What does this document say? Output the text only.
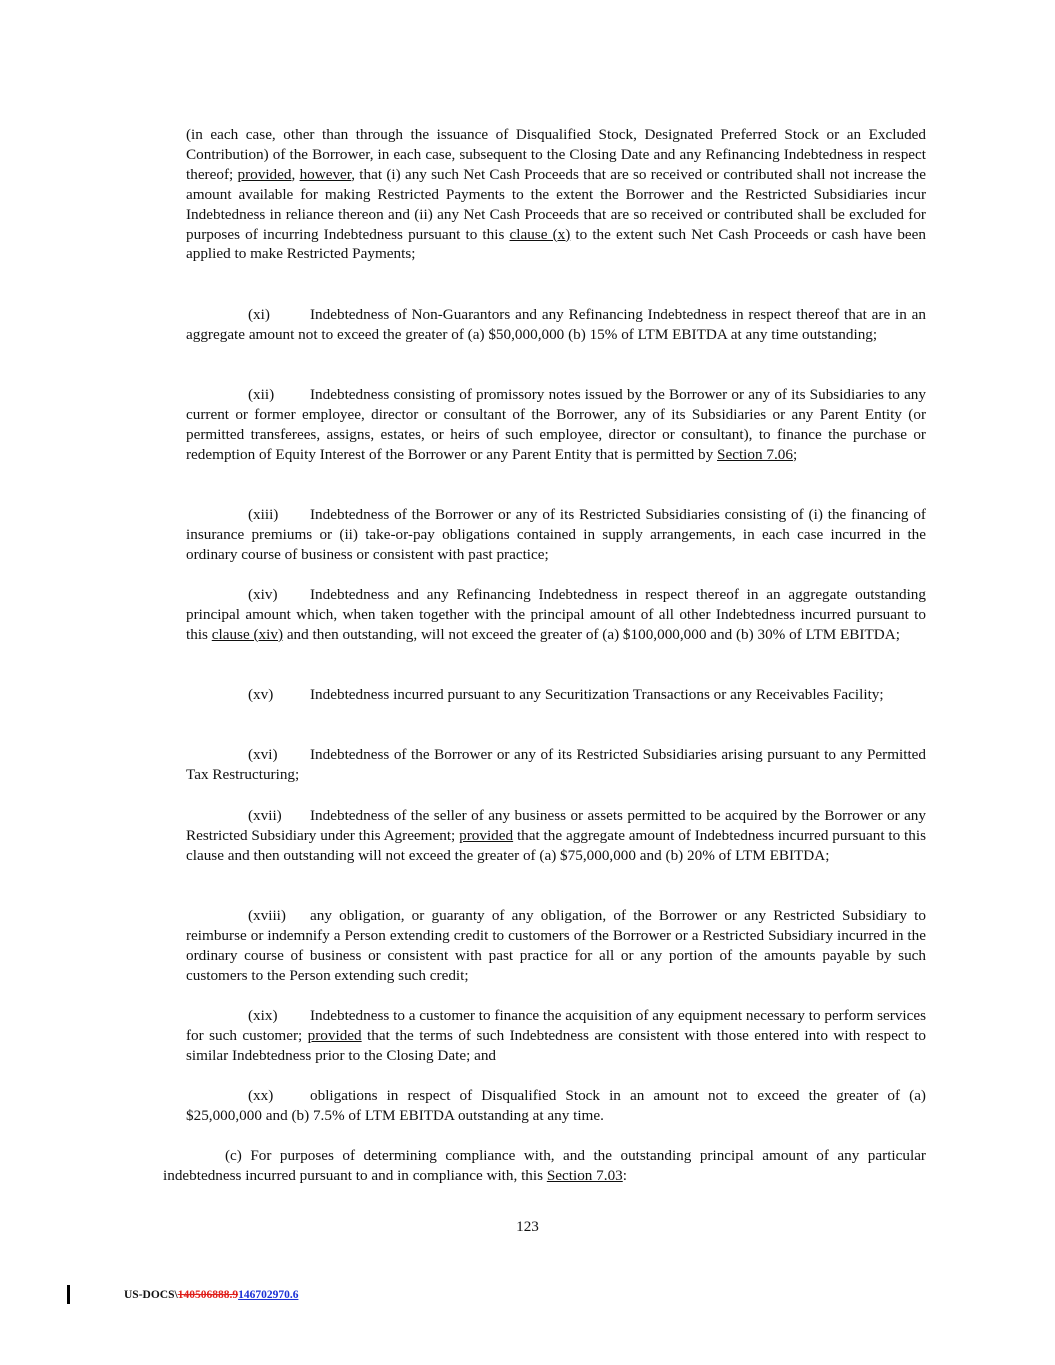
(in each case, other than through the issuance of Disqualified Stock, Designated Preferred Stock or an Excluded Contribution) of the Borrower, in each case, subsequent to the Closing Date and any Refinancing Indebtedness in respect thereof; provided, however, that (i) any such Net Cash Proceeds that are so received or contributed shall not increase the amount available for making Restricted Payments to the extent the Borrower and the Restricted Subsidiaries incur Indebtedness in reliance thereon and (ii) any Net Cash Proceeds that are so received or contributed shall be excluded for purposes of incurring Indebtedness pursuant to this clause (x) to the extent such Net Cash Proceeds or cash have been applied to make Restricted Payments;

(xi)	Indebtedness of Non-Guarantors and any Refinancing Indebtedness in respect thereof that are in an aggregate amount not to exceed the greater of (a) $50,000,000 (b) 15% of LTM EBITDA at any time outstanding;

(xii) Indebtedness consisting of promissory notes issued by the Borrower or any of its Subsidiaries to any current or former employee, director or consultant of the Borrower, any of its Subsidiaries or any Parent Entity (or permitted transferees, assigns, estates, or heirs of such employee, director or consultant), to finance the purchase or redemption of Equity Interest of the Borrower or any Parent Entity that is permitted by Section 7.06;

(xiii) Indebtedness of the Borrower or any of its Restricted Subsidiaries consisting of (i) the financing of insurance premiums or (ii) take-or-pay obligations contained in supply arrangements, in each case incurred in the ordinary course of business or consistent with past practice;

(xiv) Indebtedness and any Refinancing Indebtedness in respect thereof in an aggregate outstanding principal amount which, when taken together with the principal amount of all other Indebtedness incurred pursuant to this clause (xiv) and then outstanding, will not exceed the greater of (a) $100,000,000 and (b) 30% of LTM EBITDA;

(xv) Indebtedness incurred pursuant to any Securitization Transactions or any Receivables Facility;

(xvi) Indebtedness of the Borrower or any of its Restricted Subsidiaries arising pursuant to any Permitted Tax Restructuring;

(xvii) Indebtedness of the seller of any business or assets permitted to be acquired by the Borrower or any Restricted Subsidiary under this Agreement; provided that the aggregate amount of Indebtedness incurred pursuant to this clause and then outstanding will not exceed the greater of (a) $75,000,000 and (b) 20% of LTM EBITDA;

(xviii) any obligation, or guaranty of any obligation, of the Borrower or any Restricted Subsidiary to reimburse or indemnify a Person extending credit to customers of the Borrower or a Restricted Subsidiary incurred in the ordinary course of business or consistent with past practice for all or any portion of the amounts payable by such customers to the Person extending such credit;

(xix) Indebtedness to a customer to finance the acquisition of any equipment necessary to perform services for such customer; provided that the terms of such Indebtedness are consistent with those entered into with respect to similar Indebtedness prior to the Closing Date; and

(xx) obligations in respect of Disqualified Stock in an amount not to exceed the greater of (a) $25,000,000 and (b) 7.5% of LTM EBITDA outstanding at any time.

(c) For purposes of determining compliance with, and the outstanding principal amount of any particular indebtedness incurred pursuant to and in compliance with, this Section 7.03:

123
US-DOCS\140506888.9146702970.6
